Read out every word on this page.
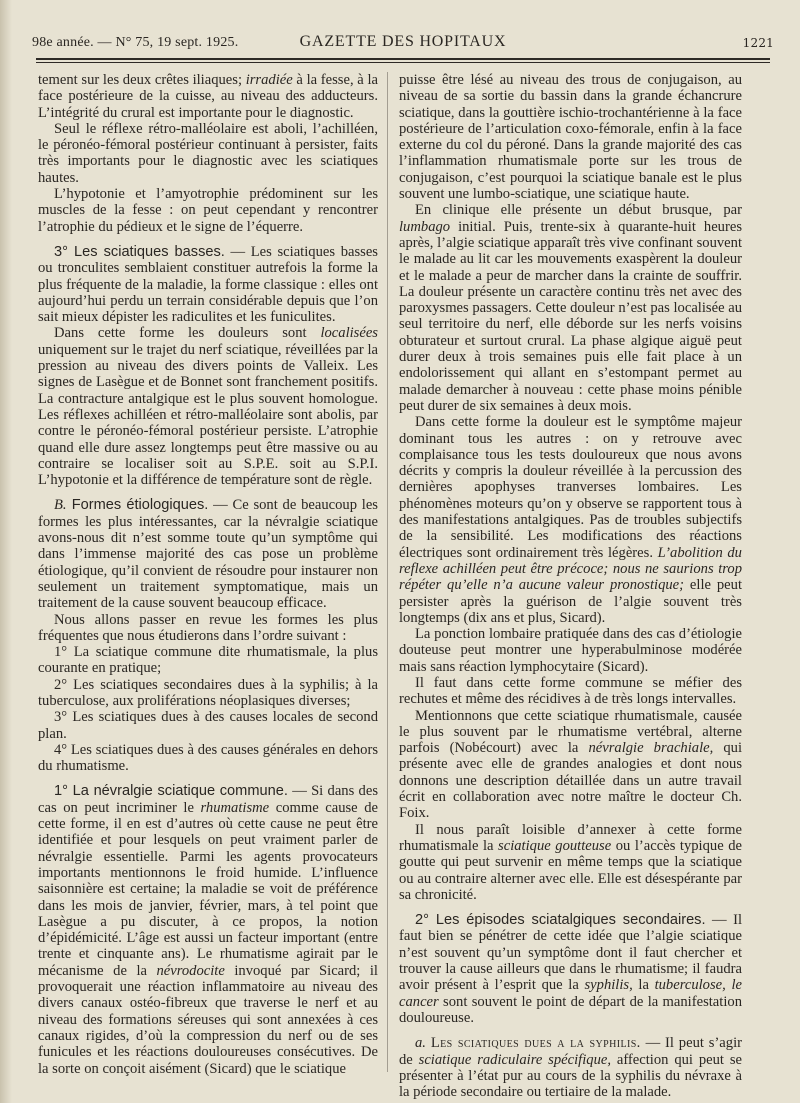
98e année. — N° 75, 19 sept. 1925.	GAZETTE DES HOPITAUX	1221

tement sur les deux crêtes iliaques; irradiée à la fesse, à la face postérieure de la cuisse, au niveau des adducteurs. L’intégrité du crural est importante pour le diagnostic.

Seul le réflexe rétro-malléolaire est aboli, l’achilléen, le péronéo-fémoral postérieur continuant à persister, faits très importants pour le diagnostic avec les sciatiques hautes.

L’hypotonie et l’amyotrophie prédominent sur les muscles de la fesse : on peut cependant y rencontrer l’atrophie du pédieux et le signe de l’équerre.

3° Les sciatiques basses. — Les sciatiques basses ou tronculites semblaient constituer autrefois la forme la plus fréquente de la maladie, la forme classique : elles ont aujourd’hui perdu un terrain considérable depuis que l’on sait mieux dépister les radiculites et les funiculites.

Dans cette forme les douleurs sont localisées uniquement sur le trajet du nerf sciatique, réveillées par la pression au niveau des divers points de Valleix. Les signes de Lasègue et de Bonnet sont franchement positifs. La contracture antalgique est le plus souvent homologue. Les réflexes achilléen et rétro-malléolaire sont abolis, par contre le péronéo-fémoral postérieur persiste. L’atrophie quand elle dure assez longtemps peut être massive ou au contraire se localiser soit au S.P.E. soit au S.P.I. L’hypotonie et la différence de température sont de règle.

B. Formes étiologiques. — Ce sont de beaucoup les formes les plus intéressantes, car la névralgie sciatique avons-nous dit n’est somme toute qu’un symptôme qui dans l’immense majorité des cas pose un problème étiologique, qu’il convient de résoudre pour instaurer non seulement un traitement symptomatique, mais un traitement de la cause souvent beaucoup efficace.

Nous allons passer en revue les formes les plus fréquentes que nous étudierons dans l’ordre suivant :

1° La sciatique commune dite rhumatismale, la plus courante en pratique;

2° Les sciatiques secondaires dues à la syphilis; à la tuberculose, aux proliférations néoplasiques diverses;

3° Les sciatiques dues à des causes locales de second plan.

4° Les sciatiques dues à des causes générales en dehors du rhumatisme.

1° La névralgie sciatique commune. — Si dans des cas on peut incriminer le rhumatisme comme cause de cette forme, il en est d’autres où cette cause ne peut être identifiée et pour lesquels on peut vraiment parler de névralgie essentielle. Parmi les agents provocateurs importants mentionnons le froid humide. L’influence saisonnière est certaine; la maladie se voit de préférence dans les mois de janvier, février, mars, à tel point que Lasègue a pu discuter, à ce propos, la notion d’épidémicité. L’âge est aussi un facteur important (entre trente et cinquante ans). Le rhumatisme agirait par le mécanisme de la névrodocite invoqué par Sicard; il provoquerait une réaction inflammatoire au niveau des divers canaux ostéo-fibreux que traverse le nerf et au niveau des formations séreuses qui sont annexées à ces canaux rigides, d’où la compression du nerf ou de ses funicules et les réactions douloureuses consécutives. De la sorte on conçoit aisément (Sicard) que le sciatique

puisse être lésé au niveau des trous de conjugaison, au niveau de sa sortie du bassin dans la grande échancrure sciatique, dans la gouttière ischio-trochantérienne à la face postérieure de l’articulation coxo-fémorale, enfin à la face externe du col du péroné. Dans la grande majorité des cas l’inflammation rhumatismale porte sur les trous de conjugaison, c’est pourquoi la sciatique banale est le plus souvent une lumbo-sciatique, une sciatique haute.

En clinique elle présente un début brusque, par lumbago initial. Puis, trente-six à quarante-huit heures après, l’algie sciatique apparaît très vive confinant souvent le malade au lit car les mouvements exaspèrent la douleur et le malade a peur de marcher dans la crainte de souffrir. La douleur présente un caractère continu très net avec des paroxysmes passagers. Cette douleur n’est pas localisée au seul territoire du nerf, elle déborde sur les nerfs voisins obturateur et surtout crural. La phase algique aiguë peut durer deux à trois semaines puis elle fait place à un endolorissement qui allant en s’estompant permet au malade demarcher à nouveau : cette phase moins pénible peut durer de six semaines à deux mois.

Dans cette forme la douleur est le symptôme majeur dominant tous les autres : on y retrouve avec complaisance tous les tests douloureux que nous avons décrits y compris la douleur réveillée à la percussion des dernières apophyses tranverses lombaires. Les phénomènes moteurs qu’on y observe se rapportent tous à des manifestations antalgiques. Pas de troubles subjectifs de la sensibilité. Les modifications des réactions électriques sont ordinairement très légères. L’abolition du reflexe achilléen peut être précoce; nous ne saurions trop répéter qu’elle n’a aucune valeur pronostique; elle peut persister après la guérison de l’algie souvent très longtemps (dix ans et plus, Sicard).

La ponction lombaire pratiquée dans des cas d’étiologie douteuse peut montrer une hyperabulminose modérée mais sans réaction lymphocytaire (Sicard).

Il faut dans cette forme commune se méfier des rechutes et même des récidives à de très longs intervalles.

Mentionnons que cette sciatique rhumatismale, causée le plus souvent par le rhumatisme vertébral, alterne parfois (Nobécourt) avec la névralgie brachiale, qui présente avec elle de grandes analogies et dont nous donnons une description détaillée dans un autre travail écrit en collaboration avec notre maître le docteur Ch. Foix.

Il nous paraît loisible d’annexer à cette forme rhumatismale la sciatique goutteuse ou l’accès typique de goutte qui peut survenir en même temps que la sciatique ou au contraire alterner avec elle. Elle est désespérante par sa chronicité.

2° Les épisodes sciatalgiques secondaires. — Il faut bien se pénétrer de cette idée que l’algie sciatique n’est souvent qu’un symptôme dont il faut chercher et trouver la cause ailleurs que dans le rhumatisme; il faudra avoir présent à l’esprit que la syphilis, la tuberculose, le cancer sont souvent le point de départ de la manifestation douloureuse.

a. Les sciatiques dues a la syphilis. — Il peut s’agir de sciatique radiculaire spécifique, affection qui peut se présenter à l’état pur au cours de la syphilis du névraxe à la période secondaire ou tertiaire de la malade.
